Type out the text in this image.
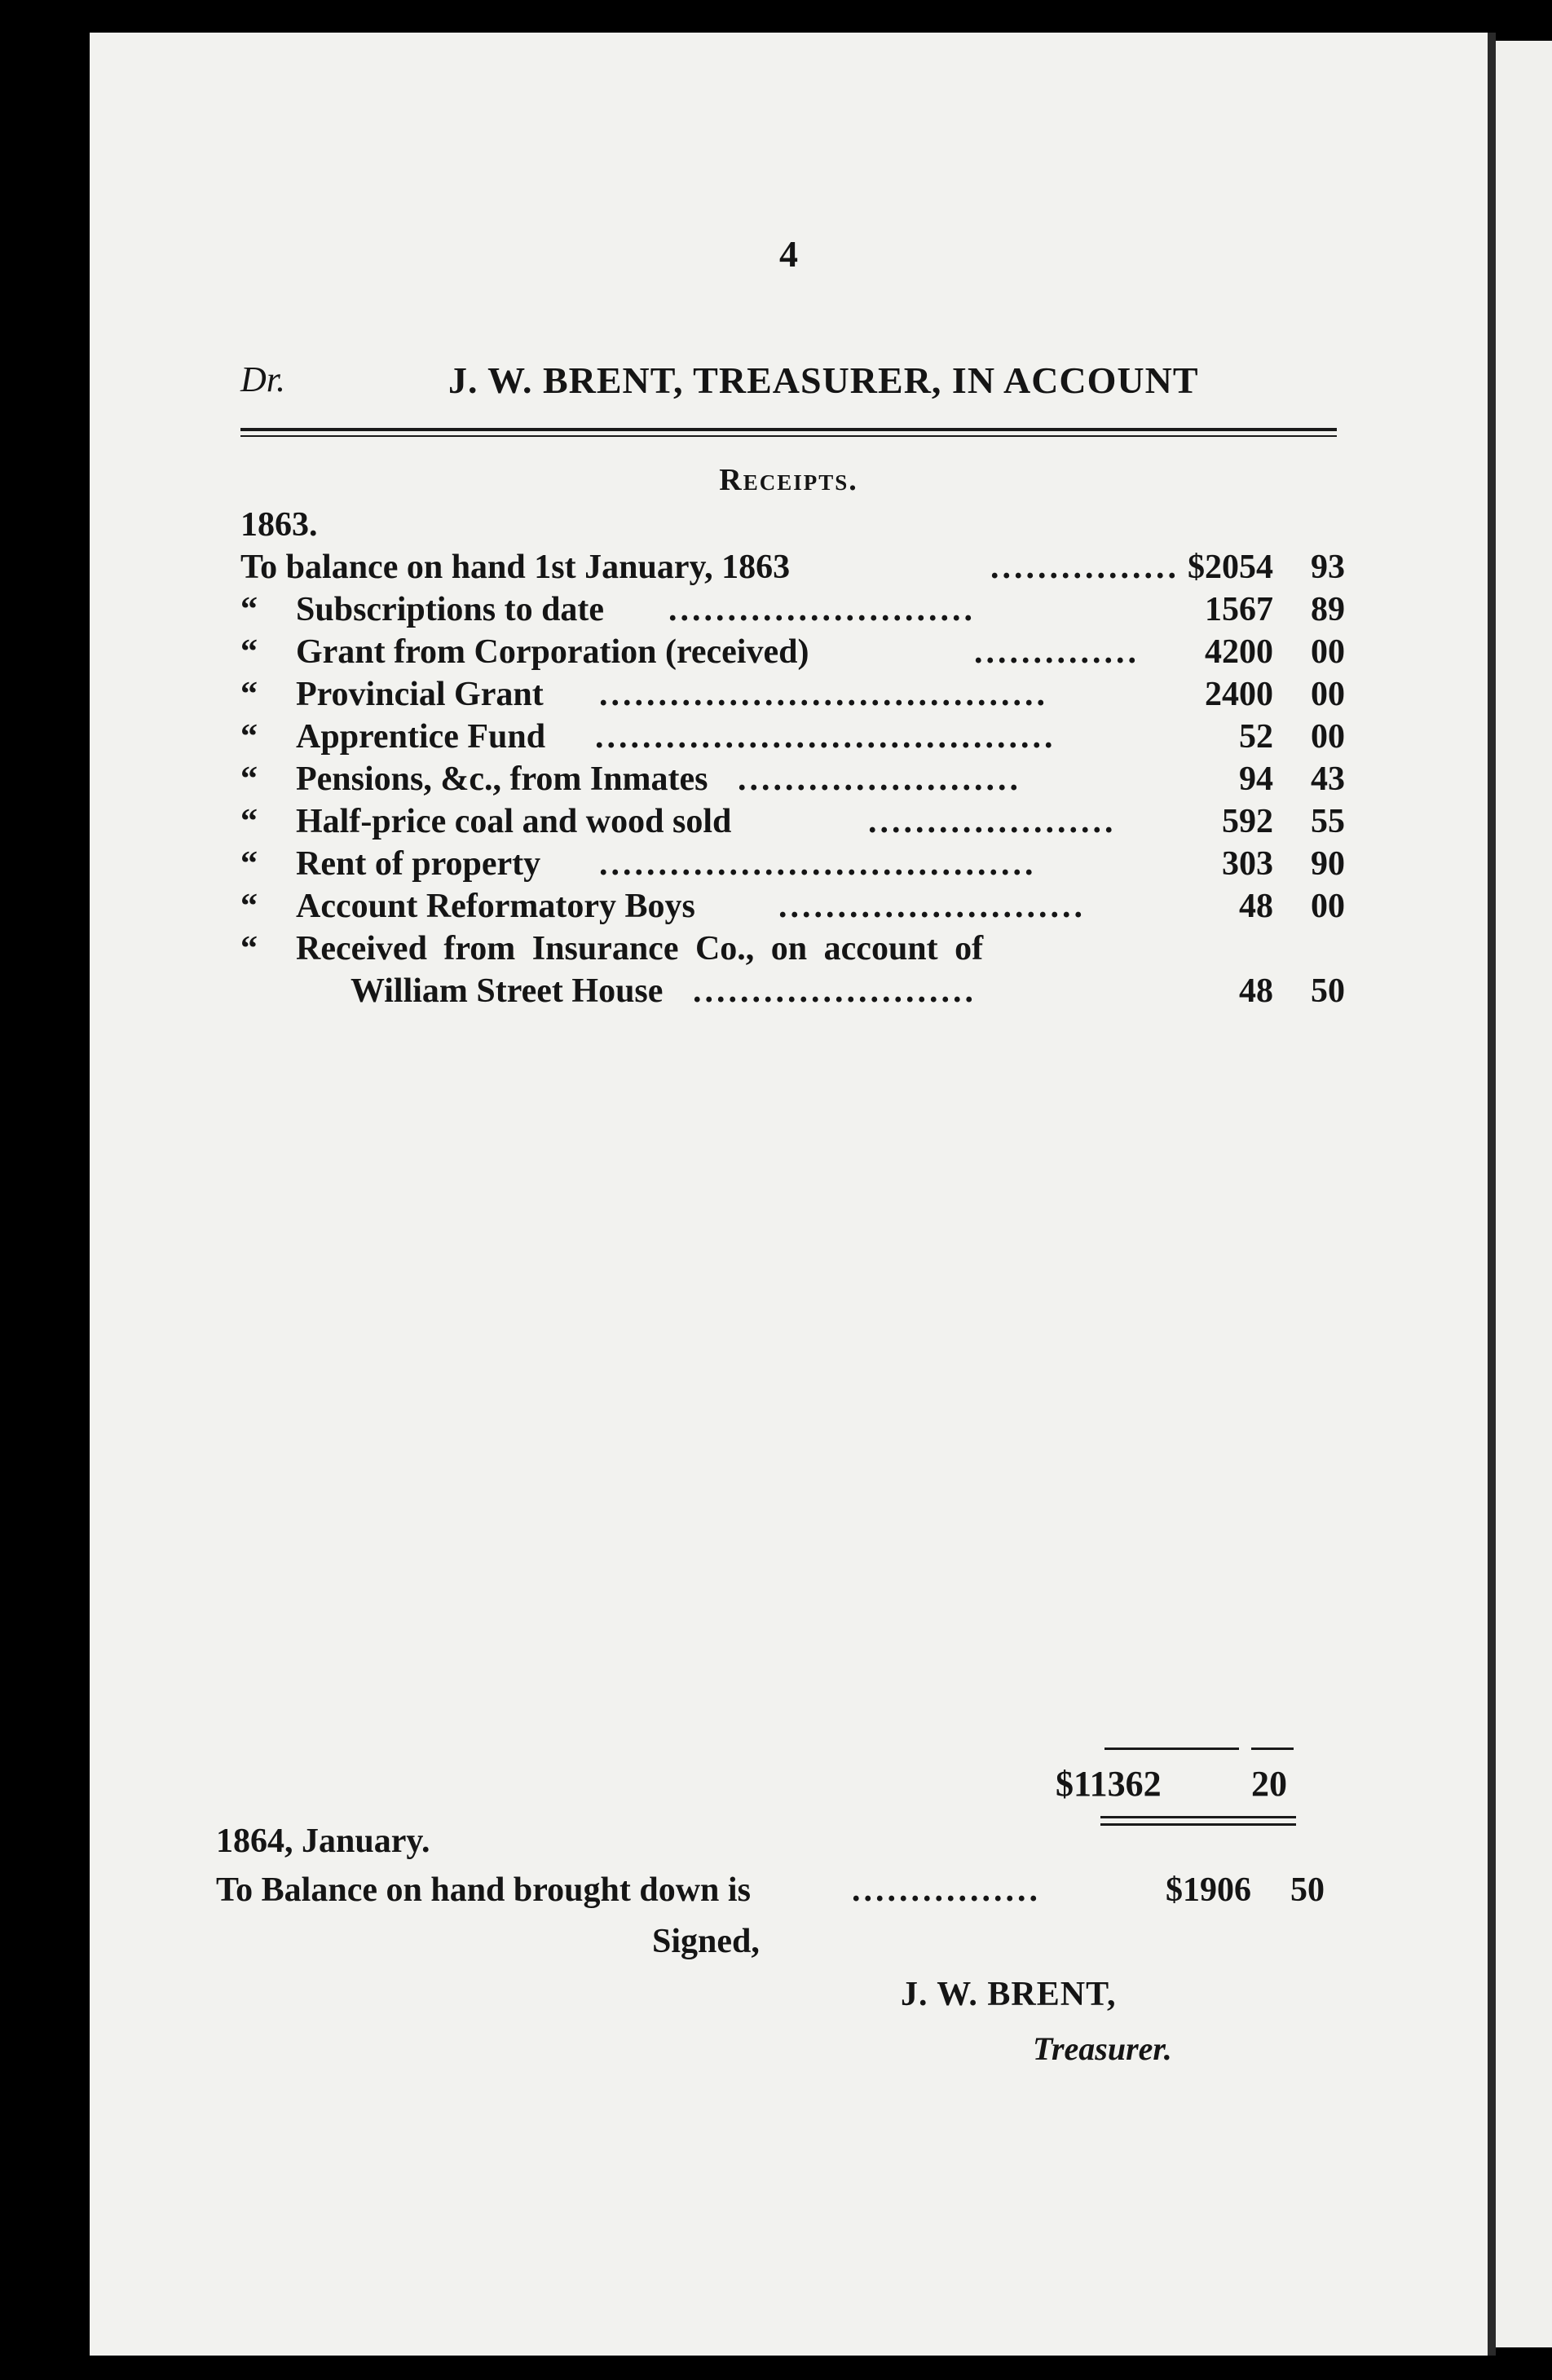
4
Dr.	J. W. BRENT, TREASURER, IN ACCOUNT
Receipts.
1863.
To balance on hand 1st January, 1863	................ $2054	93
“ Subscriptions to date ..........................	1567	89
“ Grant from Corporation (received)	.............. 4200	00
“ Provincial Grant ......................................	2400	00
“ Apprentice Fund .......................................	52	00
“ Pensions, &c., from Inmates ........................	94	43
“ Half-price coal and wood sold	.....................	592	55
“ Rent of property .....................................	303	90
“ Account Reformatory Boys ..........................	48	00
“ Received from Insurance Co., on account of
William Street House ........................	48	50
$11362	20
1864, January.
To Balance on hand brought down is	................	$1906 50
Signed,
J. W. BRENT,
Treasurer.
